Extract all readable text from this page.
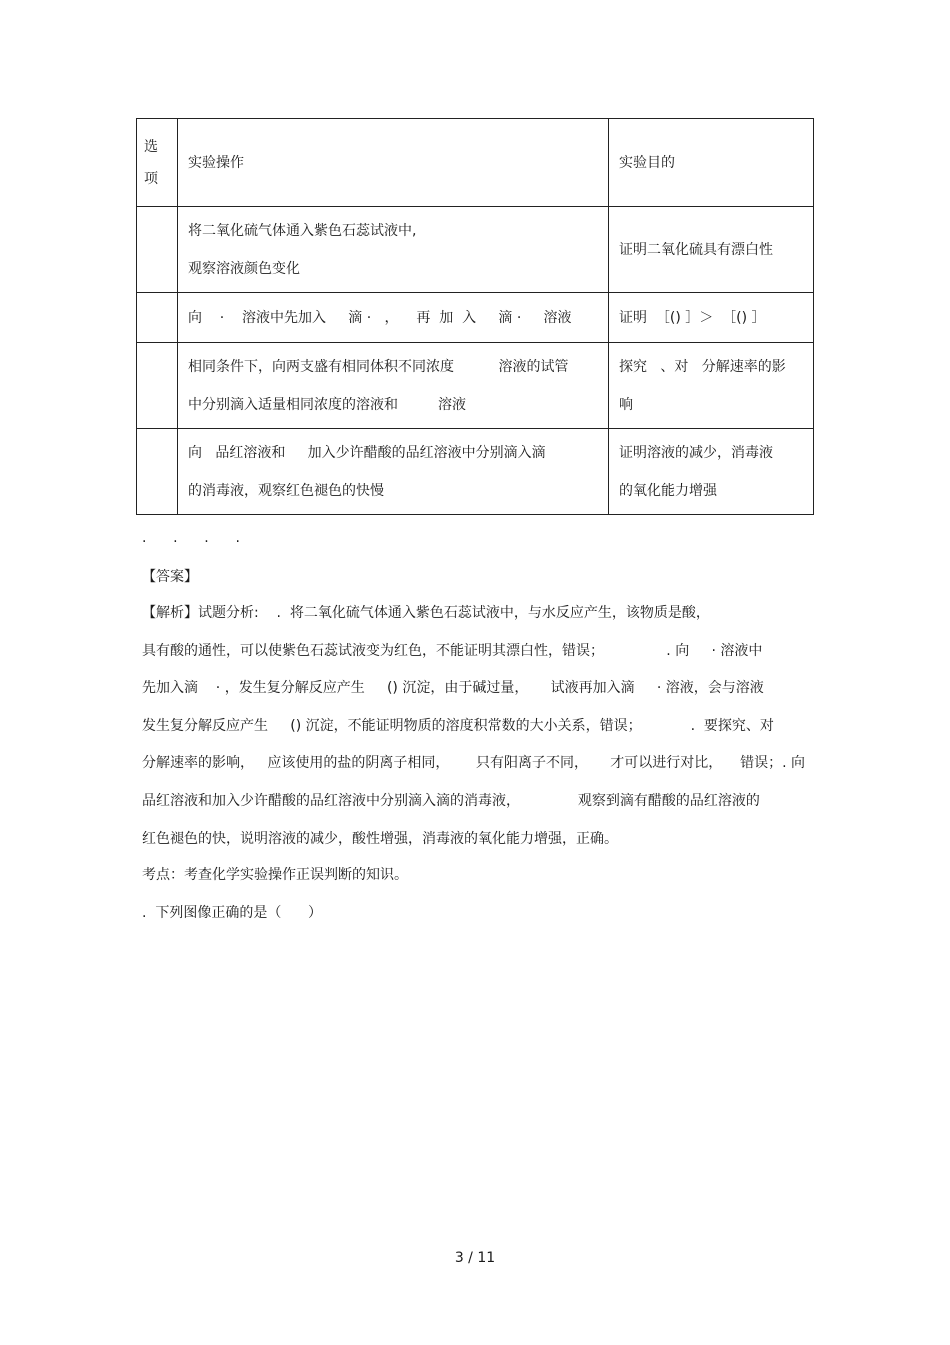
选
项	实验操作	实验目的

	将二氧化硫气体通入紫色石蕊试液中,
观察溶液颜色变化	证明二氧化硫具有漂白性

	向    ·    溶液中先加入     滴 ·   ，    再  加  入     滴 ·     溶液	证明  ［() ］＞  ［() ］

	相同条件下，向两支盛有相同体积不同浓度          溶液的试管
中分别滴入适量相同浓度的溶液和         溶液	探究   、对   分解速率的影
响

	向   品红溶液和     加入少许醋酸的品红溶液中分别滴入滴
的消毒液，观察红色褪色的快慢	证明溶液的减少，消毒液
的氧化能力增强
.      .      .      .
【答案】
【解析】试题分析:    .  将二氧化硫气体通入紫色石蕊试液中，与水反应产生，该物质是酸，
具有酸的通性，可以使紫色石蕊试液变为红色，不能证明其漂白性，错误；              . 向     · 溶液中
先加入滴    · ，发生复分解反应产生     () 沉淀，由于碱过量，     试液再加入滴     · 溶液，会与溶液
发生复分解反应产生     () 沉淀，不能证明物质的溶度积常数的大小关系，错误；           .  要探究、对
分解速率的影响，   应该使用的盐的阴离子相同，      只有阳离子不同，     才可以进行对比，    错误；. 向
品红溶液和加入少许醋酸的品红溶液中分别滴入滴的消毒液，             观察到滴有醋酸的品红溶液的
红色褪色的快，说明溶液的减少，酸性增强，消毒液的氧化能力增强，正确。
考点：考查化学实验操作正误判断的知识。
.  下列图像正确的是（      ）
3 / 11
